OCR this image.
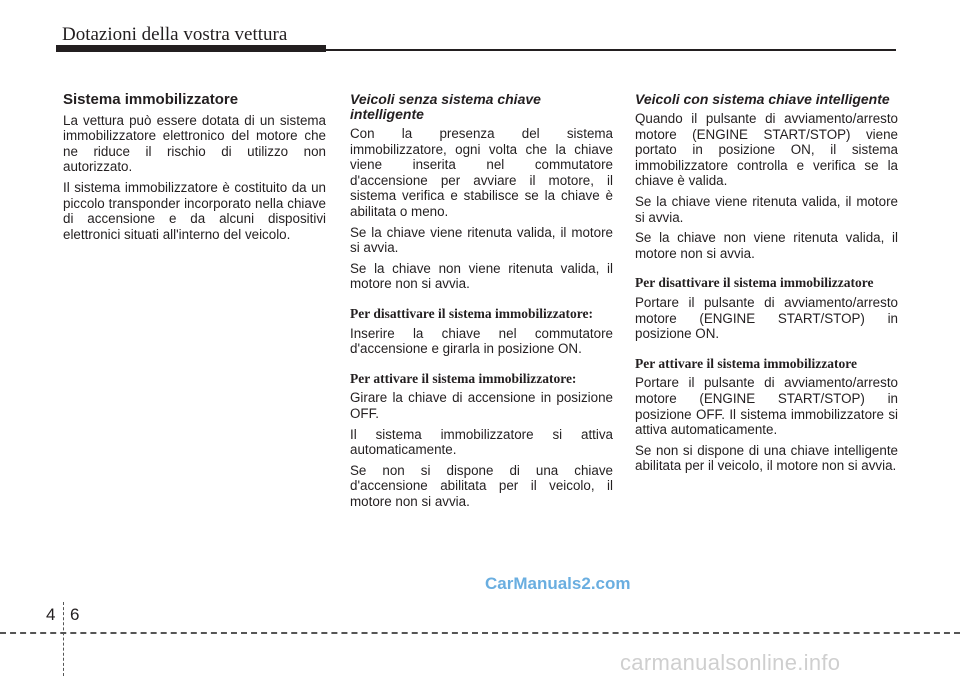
Dotazioni della vostra vettura
Sistema immobilizzatore

La vettura può essere dotata di un sistema immobilizzatore elettronico del motore che ne riduce il rischio di utilizzo non autorizzato.

Il sistema immobilizzatore è costituito da un piccolo transponder incorporato nella chiave di accensione e da alcuni dispositivi elettronici situati all'interno del veicolo.

Veicoli senza sistema chiave intelligente

Con la presenza del sistema immobilizzatore, ogni volta che la chiave viene inserita nel commutatore d'accensione per avviare il motore, il sistema verifica e stabilisce se la chiave è abilitata o meno.

Se la chiave viene ritenuta valida, il motore si avvia.

Se la chiave non viene ritenuta valida, il motore non si avvia.

Per disattivare il sistema immobilizzatore:

Inserire la chiave nel commutatore d'accensione e girarla in posizione ON.

Per attivare il sistema immobilizzatore:

Girare la chiave di accensione in posizione OFF.

Il sistema immobilizzatore si attiva automaticamente.

Se non si dispone di una chiave d'accensione abilitata per il veicolo, il motore non si avvia.

Veicoli con sistema chiave intelligente

Quando il pulsante di avviamento/arresto motore (ENGINE START/STOP) viene portato in posizione ON, il sistema immobilizzatore controlla e verifica se la chiave è valida.

Se la chiave viene ritenuta valida, il motore si avvia.

Se la chiave non viene ritenuta valida, il motore non si avvia.

Per disattivare il sistema immobilizzatore

Portare il pulsante di avviamento/arresto motore (ENGINE START/STOP) in posizione ON.

Per attivare il sistema immobilizzatore

Portare il pulsante di avviamento/arresto motore (ENGINE START/STOP) in posizione OFF. Il sistema immobilizzatore si attiva automaticamente.

Se non si dispone di una chiave intelligente abilitata per il veicolo, il motore non si avvia.

CarManuals2.com
4 6
carmanualsonline.info
